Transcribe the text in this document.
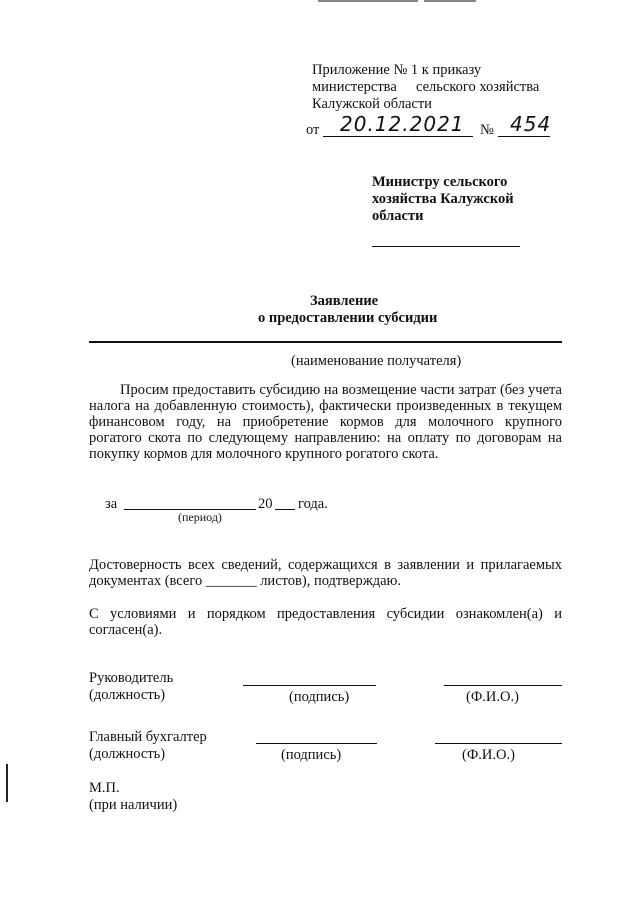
Приложение № 1 к приказу
министерства сельского хозяйства
Калужской области
от 20.12.2021 № 454
Министру сельского
хозяйства Калужской
области
Заявление
о предоставлении субсидии
(наименование получателя)
Просим предоставить субсидию на возмещение части затрат (без учета налога на добавленную стоимость), фактически произведенных в текущем финансовом году, на приобретение кормов для молочного крупного рогатого скота по следующему направлению: на оплату по договорам на покупку кормов для молочного крупного рогатого скота.
за	20 года.
(период)
Достоверность всех сведений, содержащихся в заявлении и прилагаемых документах (всего _______ листов), подтверждаю.
С условиями и порядком предоставления субсидии ознакомлен(а) и согласен(а).
Руководитель
(должность)	(подпись)	(Ф.И.О.)
Главный бухгалтер
(должность)	(подпись)	(Ф.И.О.)
М.П.
(при наличии)
